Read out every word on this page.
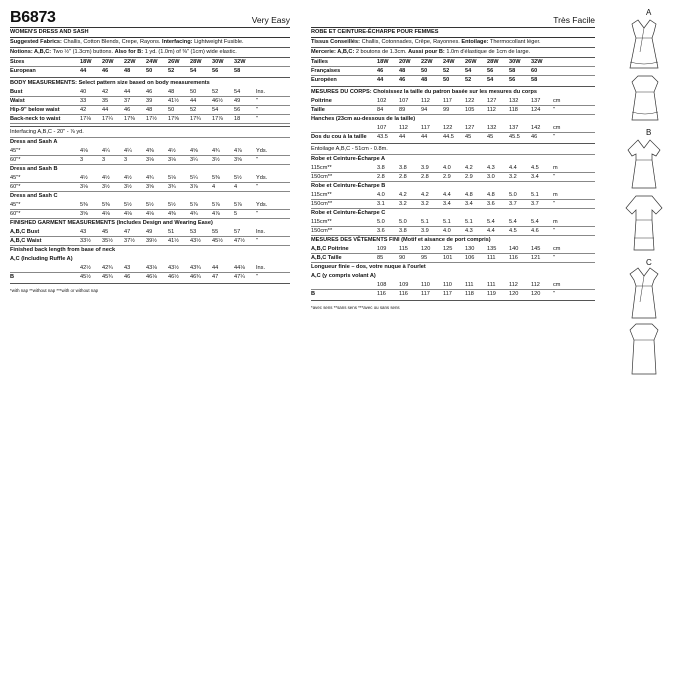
B6873	Very Easy
WOMEN'S DRESS AND SASH
Suggested Fabrics: Challis, Cotton Blends, Crepe, Rayons. Interfacing: Lightweight Fusible.
Notions: A,B,C: Two ½" (1.3cm) buttons. Also for B: 1 yd. (1.0m) of ⅜" (1cm) wide elastic.
Sizes	18W	20W	22W	24W	26W	28W	30W	32W
European	44	46	48	50	52	54	56	58
BODY MEASUREMENTS: Select pattern size based on body measurements
Bust	40	42	44	46	48	50	52	54	Ins.
Waist	33	35	37	39	41½	44	46½	49	"
Hip-9" below waist	42	44	46	48	50	52	54	56	"
Back-neck to waist	17⅛	17¼	17⅜	17½	17⅝	17¾	17⅞	18	"
Interfacing A,B,C - 20" - ⅞ yd.
Dress and Sash A
45"*	4⅛	4¼	4¼	4⅜	4½	4⅝	4¾	4⅞	Yds.
60"*	3	3	3	3⅛	3⅛	3¼	3½	3⅝	"
Dress and Sash B
45"*	4½	4½	4½	4¾	5⅛	5¼	5⅜	5½	Yds.
60"*	3⅛	3½	3½	3⅝	3¾	3⅞	4	4	"
Dress and Sash C
45"*	5⅜	5⅜	5½	5½	5½	5⅞	5⅞	5⅞	Yds.
60"*	3⅝	4⅛	4⅛	4⅛	4⅜	4¾	4⅞	5	"
FINISHED GARMENT MEASUREMENTS (Includes Design and Wearing Ease)
A,B,C Bust	43	45	47	49	51	53	55	57	Ins.
A,B,C Waist	33½	35½	37½	39½	41½	43½	45½	47½	"
Finished back length from base of neck
A,C (Including Ruffle A)
42½	42¾	43	43⅛	43½	43¾	44	44⅛	Ins.
B	45½	45¾	46	46⅛	46½	46¾	47	47¼	"
*with nap **without nap ***with or without nap
Très Facile
ROBE ET CEINTURE-ÉCHARPE POUR FEMMES
Tissus Conseillés: Challis, Cotonnades, Crêpe, Rayonnes. Entoilage: Thermocollant léger.
Mercerie: A,B,C: 2 boutons de 1.3cm. Aussi pour B: 1.0m d'élastique de 1cm de large.
Tailles	18W	20W	22W	24W	26W	28W	30W	32W
Françaises	46	48	50	52	54	56	58	60
Européen	44	46	48	50	52	54	56	58
MESURES DU CORPS: Choisissez la taille du patron basée sur les mesures du corps
Poitrine	102	107	112	117	122	127	132	137	cm
Taille	84	89	94	99	105	112	118	124	"
Hanches (23cm au-dessous de la taille)
107	112	117	122	127	132	137	142	cm
Dos du cou à la taille	43.5	44	44	44.5	45	45	45.5	46	"
Entoilage A,B,C - 51cm - 0.8m.
Robe et Ceinture-Écharpe A
115cm**	3.8	3.8	3.9	4.0	4.2	4.3	4.4	4.5	m
150cm**	2.8	2.8	2.8	2.9	2.9	3.0	3.2	3.4	"
Robe et Ceinture-Écharpe B
115cm**	4.0	4.2	4.2	4.4	4.8	4.8	5.0	5.1	m
150cm**	3.1	3.2	3.2	3.4	3.4	3.6	3.7	3.7	"
Robe et Ceinture-Écharpe C
115cm**	5.0	5.0	5.1	5.1	5.1	5.4	5.4	5.4	m
150cm**	3.6	3.8	3.9	4.0	4.3	4.4	4.5	4.6	"
MESURES DES VÊTEMENTS FINI (Motif et aisance de port compris)
A,B,C Poitrine	109	115	120	125	130	135	140	145	cm
A,B,C Taille	85	90	95	101	106	111	116	121	"
Longueur finie – dos, votre nuque à l'ourlet
A,C (y compris volant A)
108	109	110	110	111	111	112	112	cm
B	116	116	117	117	118	119	120	120	"
*avec sens **sans sens ***avec ou sans sens
A
B
C
